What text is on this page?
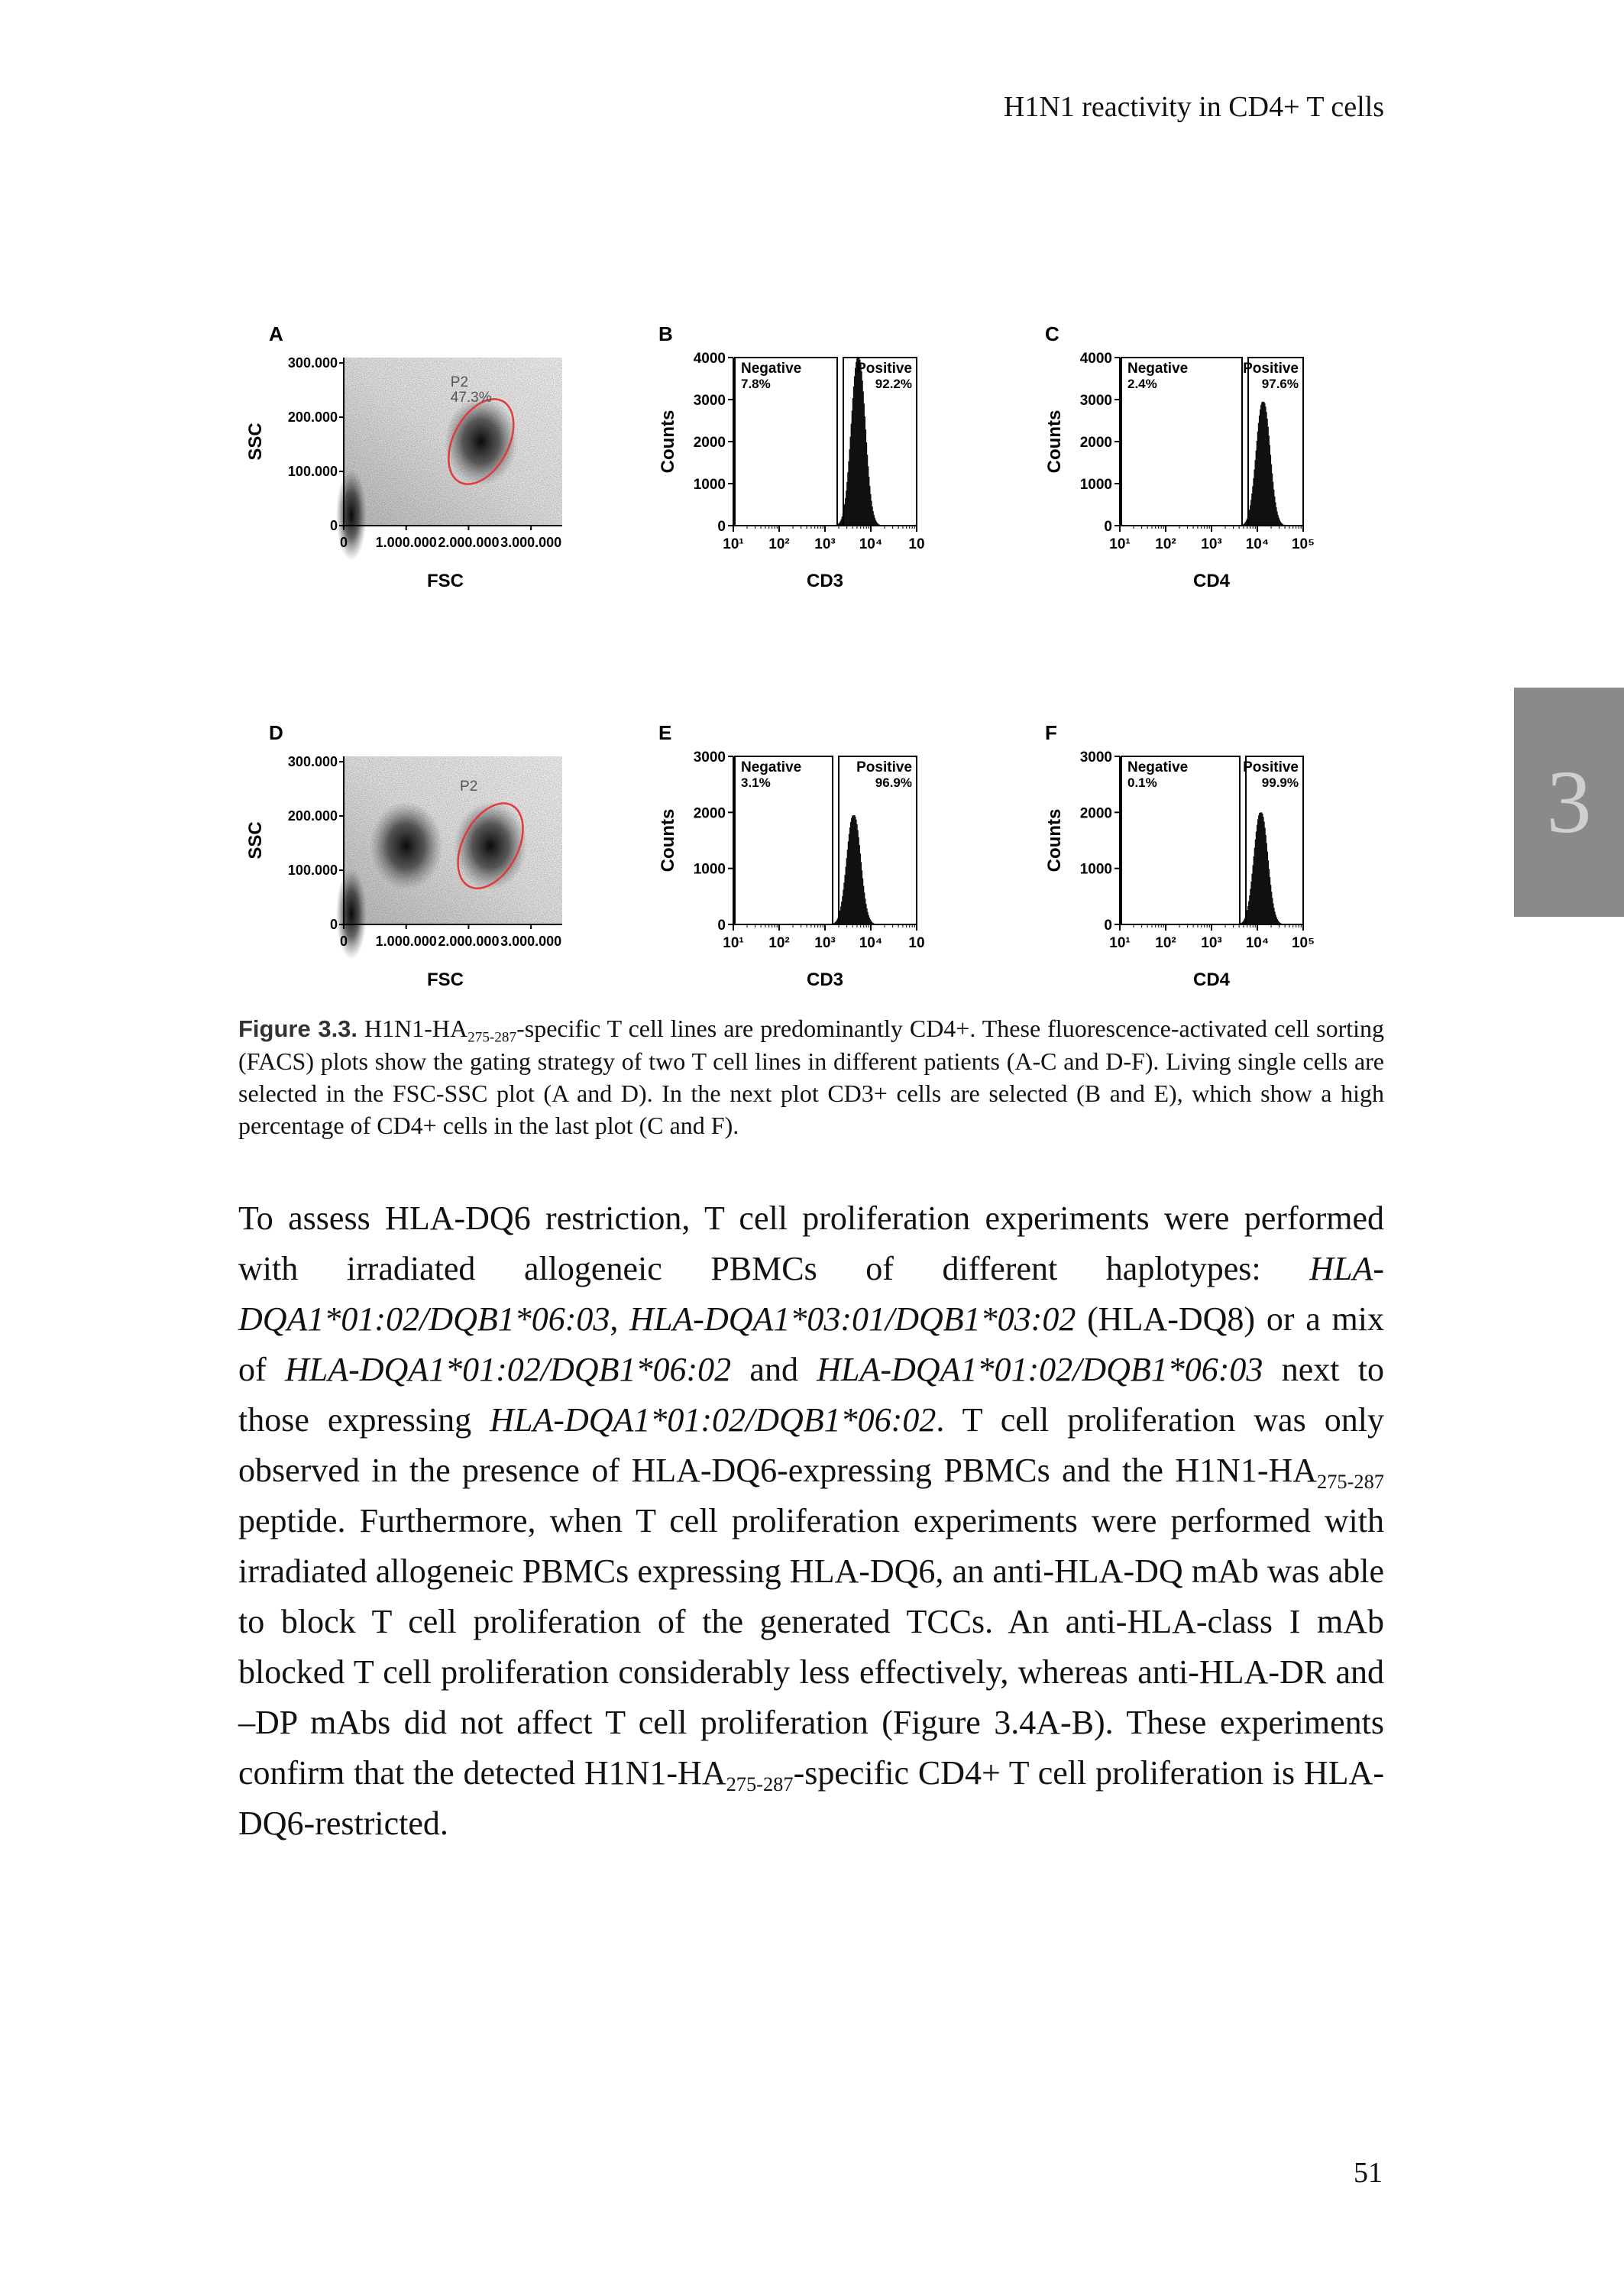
H1N1 reactivity in CD4+ T cells
3
A
P2
47.3%
0 1.000.000 2.000.000 3.000.000
0
100.000
200.000
300.000
FSC
SSC
B
Negative
7.8%
Positive
92.2%
10¹ 10² 10³ 10⁴ 10
0
1000
2000
3000
4000
CD3
Counts
C
Negative
2.4%
Positive
97.6%
10¹ 10² 10³ 10⁴ 10⁵
0
1000
2000
3000
4000
CD4
Counts
D
P2
0 1.000.000 2.000.000 3.000.000
0
100.000
200.000
300.000
FSC
SSC
E
Negative
3.1%
Positive
96.9%
10¹ 10² 10³ 10⁴ 10
0
1000
2000
3000
CD3
Counts
F
Negative
0.1%
Positive
99.9%
10¹ 10² 10³ 10⁴ 10⁵
0
1000
2000
3000
CD4
Counts
Figure 3.3. $H1N1-HA_{275-287}$-specific T cell lines are predominantly CD4+. These fluorescence-activated cell sorting (FACS) plots show the gating strategy of two T cell lines in different patients (A-C and D-F). Living single cells are selected in the FSC-SSC plot (A and D). In the next plot CD3+ cells are selected (B and E), which show a high percentage of CD4+ cells in the last plot (C and F).
To assess HLA-DQ6 restriction, T cell proliferation experiments were performed with irradiated allogeneic PBMCs of different haplotypes: HLA-DQA1*01:02/DQB1*06:03, HLA-DQA1*03:01/DQB1*03:02 (HLA-DQ8) or a mix of HLA-DQA1*01:02/DQB1*06:02 and HLA-DQA1*01:02/DQB1*06:03 next to those expressing HLA-DQA1*01:02/DQB1*06:02. T cell proliferation was only observed in the presence of HLA-DQ6-expressing PBMCs and the $H1N1-HA_{275-287}$ peptide. Furthermore, when T cell proliferation experiments were performed with irradiated allogeneic PBMCs expressing HLA-DQ6, an anti-HLA-DQ mAb was able to block T cell proliferation of the generated TCCs. An anti-HLA-class I mAb blocked T cell proliferation considerably less effectively, whereas anti-HLA-DR and –DP mAbs did not affect T cell proliferation (Figure 3.4A-B). These experiments confirm that the detected $H1N1-HA_{275-287}$-specific CD4+ T cell proliferation is HLA-DQ6-restricted.
51
